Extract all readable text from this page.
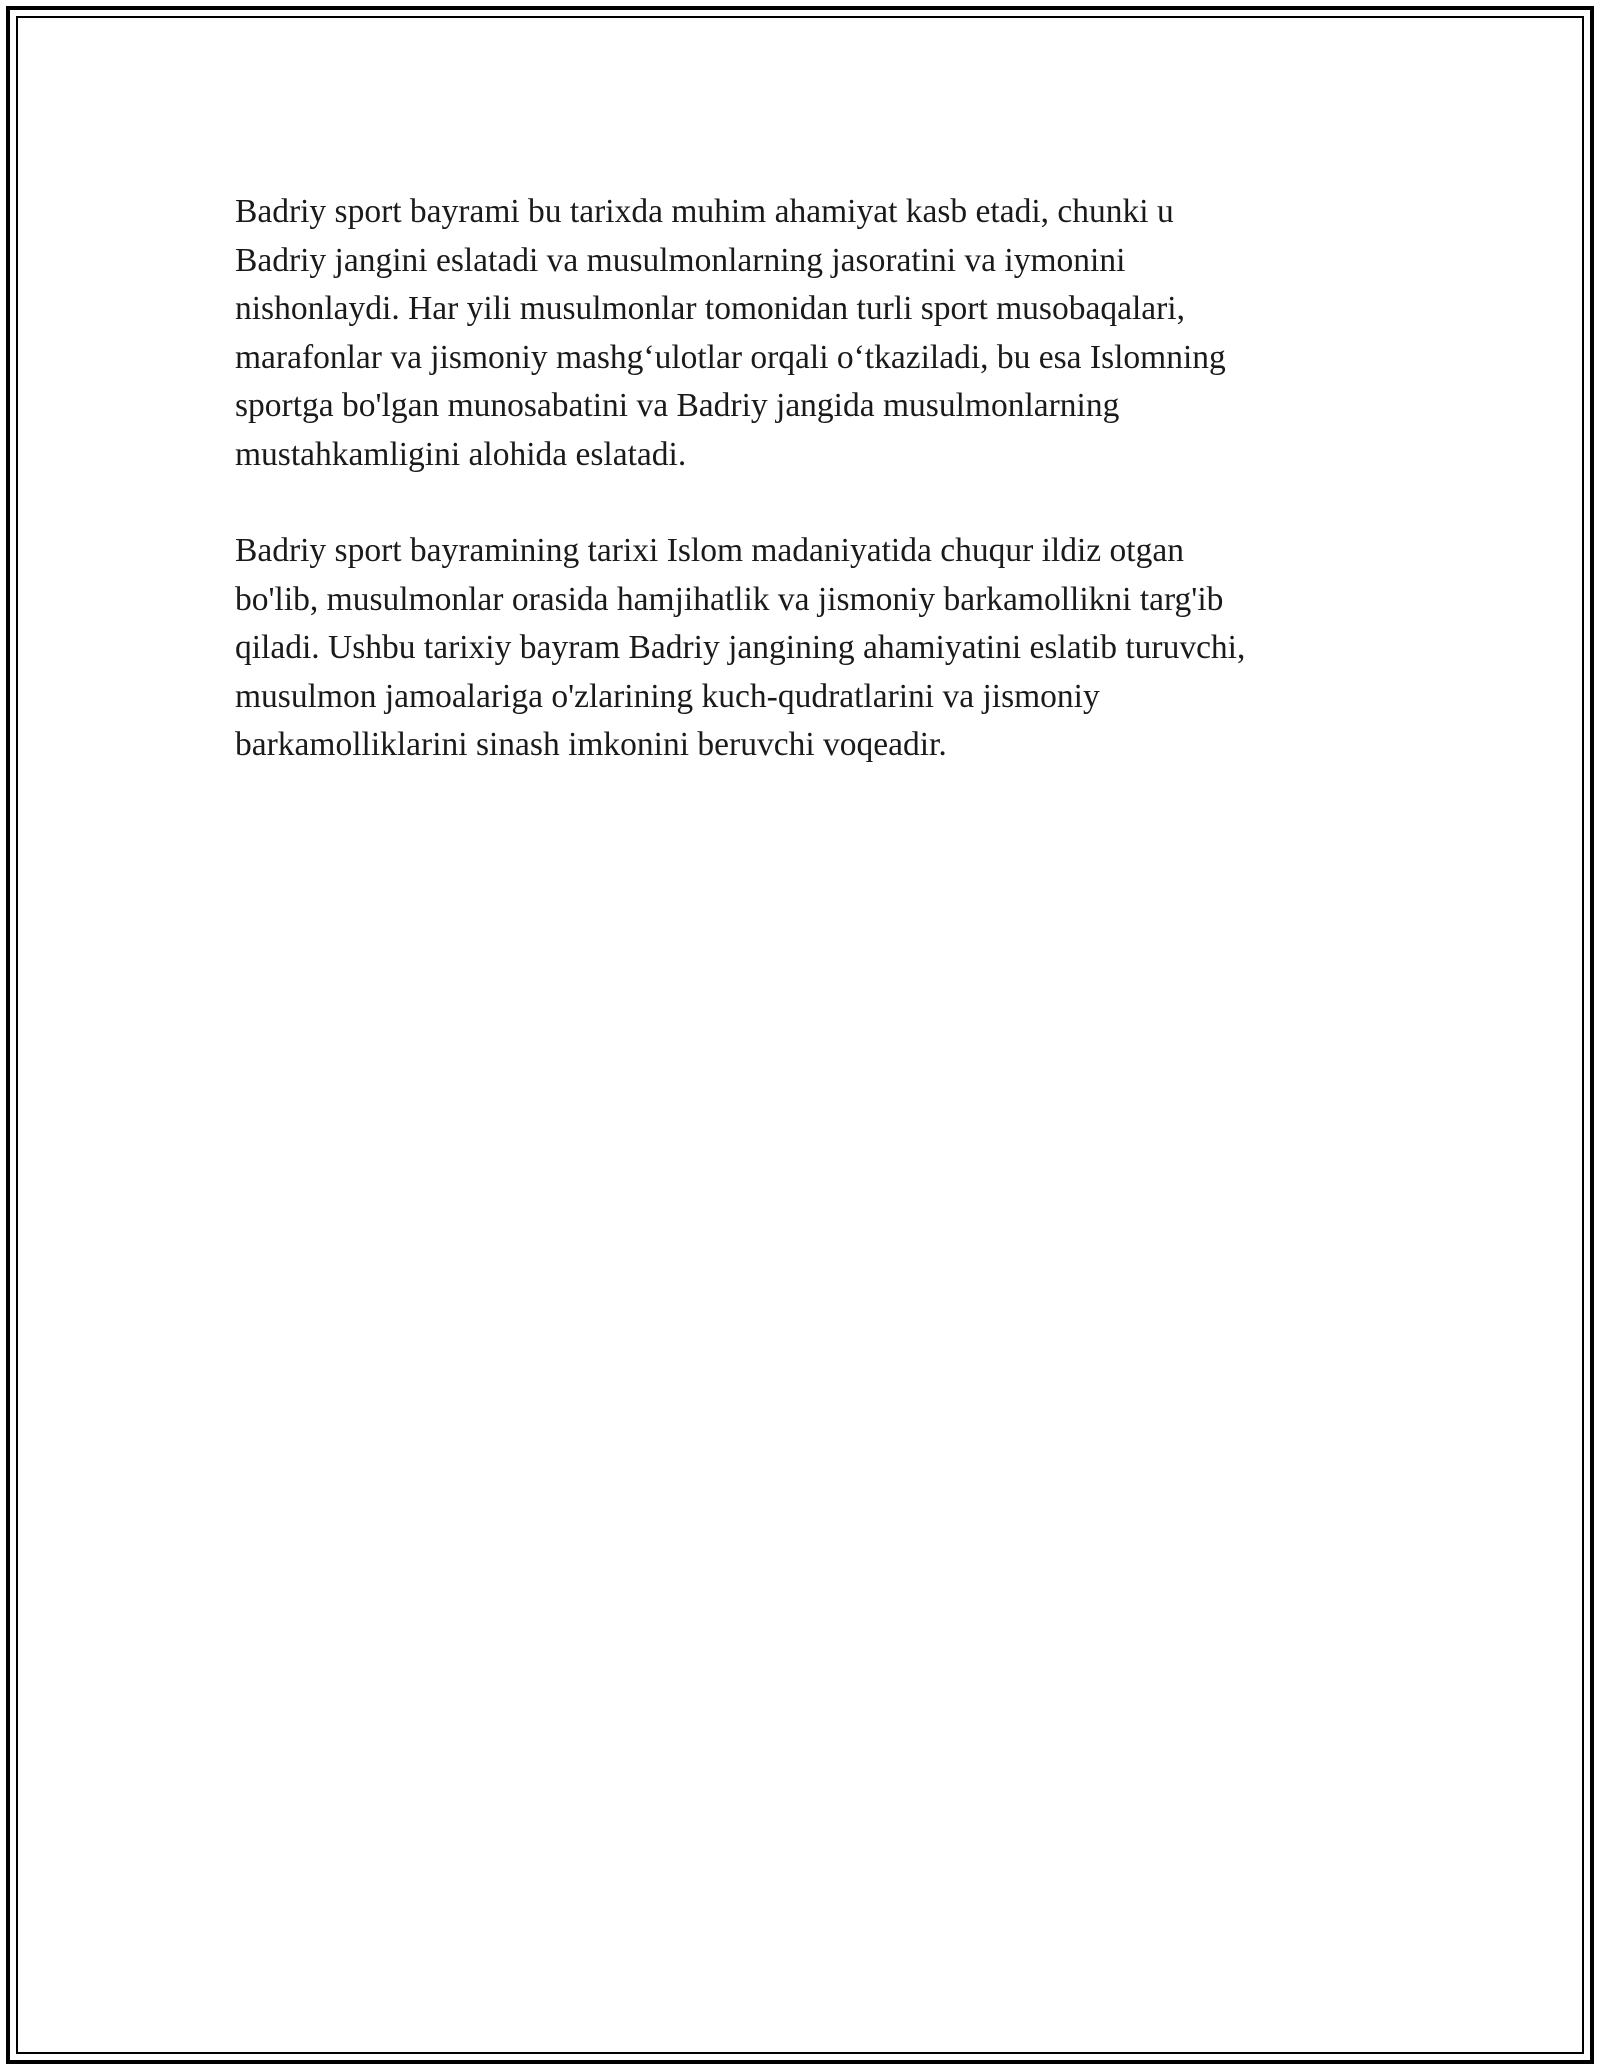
Badriy sport bayrami bu tarixda muhim ahamiyat kasb etadi, chunki u
Badriy jangini eslatadi va musulmonlarning jasoratini va iymonini
nishonlaydi. Har yili musulmonlar tomonidan turli sport musobaqalari,
marafonlar va jismoniy mashg‘ulotlar orqali o‘tkaziladi, bu esa Islomning
sportga bo'lgan munosabatini va Badriy jangida musulmonlarning
mustahkamligini alohida eslatadi.

Badriy sport bayramining tarixi Islom madaniyatida chuqur ildiz otgan
bo'lib, musulmonlar orasida hamjihatlik va jismoniy barkamollikni targ'ib
qiladi. Ushbu tarixiy bayram Badriy jangining ahamiyatini eslatib turuvchi,
musulmon jamoalariga o'zlarining kuch-qudratlarini va jismoniy
barkamolliklarini sinash imkonini beruvchi voqeadir.
